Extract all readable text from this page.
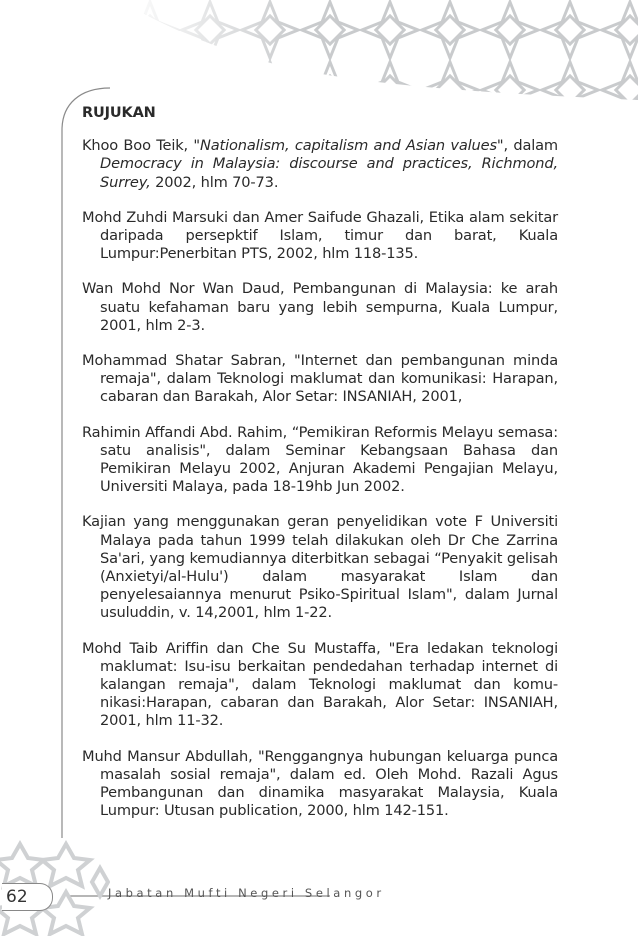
RUJUKAN
Khoo Boo Teik, "Nationalism, capitalism and Asian values", dalam Democracy in Malaysia: discourse and practices, Richmond, Surrey, 2002, hlm 70-73.
Mohd Zuhdi Marsuki dan Amer Saifude Ghazali, Etika alam sekitar daripada persepktif Islam, timur dan barat, Kuala Lumpur:Penerbitan PTS, 2002, hlm 118-135.
Wan Mohd Nor Wan Daud, Pembangunan di Malaysia: ke arah suatu kefahaman baru yang lebih sempurna, Kuala Lumpur, 2001, hlm 2-3.
Mohammad Shatar Sabran, "Internet dan pembangunan minda remaja", dalam Teknologi maklumat dan komunikasi: Harapan, cabaran dan Barakah, Alor Setar: INSANIAH, 2001,
Rahimin Affandi Abd. Rahim, “Pemikiran Reformis Melayu semasa: satu analisis", dalam Seminar Kebangsaan Bahasa dan Pemikiran Melayu 2002, Anjuran Akademi Pengajian Melayu, Universiti Malaya, pada 18-19hb Jun 2002.
Kajian yang menggunakan geran penyelidikan vote F Universiti Malaya pada tahun 1999 telah dilakukan oleh Dr Che Zarrina Sa'ari, yang kemudiannya diterbitkan sebagai “Penyakit gelisah (Anxietyi/al-Hulu') dalam masyarakat Islam dan penyelesaiannya menurut Psiko-Spiritual Islam", dalam Jurnal usuluddin, v. 14,2001, hlm 1-22.
Mohd Taib Ariffin dan Che Su Mustaffa, "Era ledakan teknologi maklumat: Isu-isu berkaitan pendedahan terhadap internet di kalangan remaja", dalam Teknologi maklumat dan komu-nikasi:Harapan, cabaran dan Barakah, Alor Setar: INSANIAH, 2001, hlm 11-32.
Muhd Mansur Abdullah, "Renggangnya hubungan keluarga punca masalah sosial remaja", dalam ed. Oleh Mohd. Razali Agus Pembangunan dan dinamika masyarakat Malaysia, Kuala Lumpur: Utusan publication, 2000, hlm 142-151.
62	Jabatan Mufti Negeri Selangor
